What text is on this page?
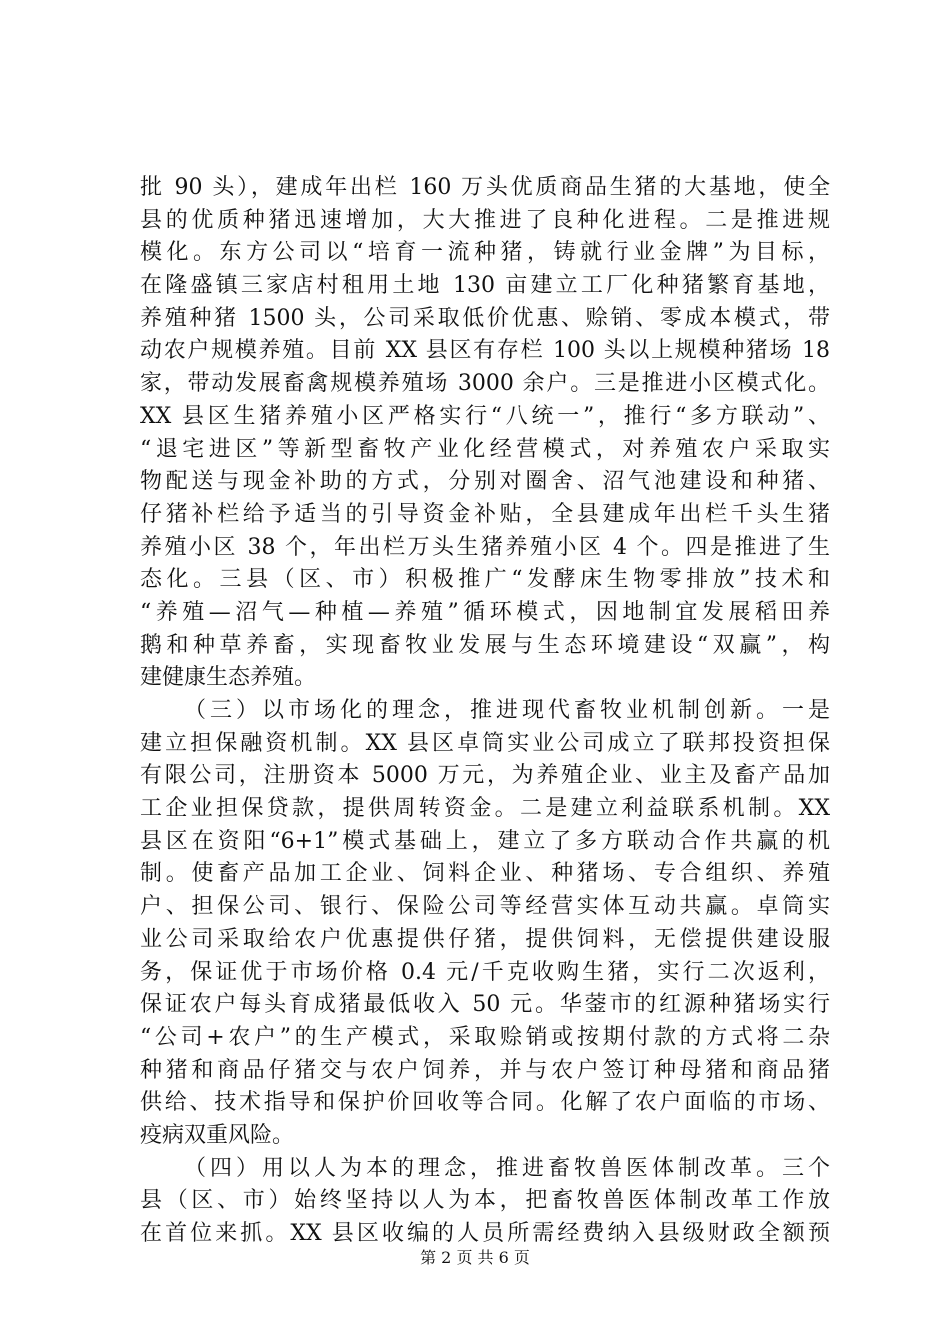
批 90 头），建成年出栏 160 万头优质商品生猪的大基地，使全
县的优质种猪迅速增加，大大推进了良种化进程。二是推进规
模化。东方公司以“培育一流种猪，铸就行业金牌”为目标，
在隆盛镇三家店村租用土地 130 亩建立工厂化种猪繁育基地，
养殖种猪 1500 头，公司采取低价优惠、赊销、零成本模式，带
动农户规模养殖。目前 XX 县区有存栏 100 头以上规模种猪场 18
家，带动发展畜禽规模养殖场 3000 余户。三是推进小区模式化。
XX 县区生猪养殖小区严格实行“八统一”，推行“多方联动”、
“退宅进区”等新型畜牧产业化经营模式，对养殖农户采取实
物配送与现金补助的方式，分别对圈舍、沼气池建设和种猪、
仔猪补栏给予适当的引导资金补贴，全县建成年出栏千头生猪
养殖小区 38 个，年出栏万头生猪养殖小区 4 个。四是推进了生
态化。三县（区、市）积极推广“发酵床生物零排放”技术和
“养殖—沼气—种植—养殖”循环模式，因地制宜发展稻田养
鹅和种草养畜，实现畜牧业发展与生态环境建设“双赢”，构
建健康生态养殖。
（三）以市场化的理念，推进现代畜牧业机制创新。一是
建立担保融资机制。XX 县区卓筒实业公司成立了联邦投资担保
有限公司，注册资本 5000 万元，为养殖企业、业主及畜产品加
工企业担保贷款，提供周转资金。二是建立利益联系机制。XX
县区在资阳“6+1”模式基础上，建立了多方联动合作共赢的机
制。使畜产品加工企业、饲料企业、种猪场、专合组织、养殖
户、担保公司、银行、保险公司等经营实体互动共赢。卓筒实
业公司采取给农户优惠提供仔猪，提供饲料，无偿提供建设服
务，保证优于市场价格 0.4 元/千克收购生猪，实行二次返利，
保证农户每头育成猪最低收入 50 元。华蓥市的红源种猪场实行
“公司+农户”的生产模式，采取赊销或按期付款的方式将二杂
种猪和商品仔猪交与农户饲养，并与农户签订种母猪和商品猪
供给、技术指导和保护价回收等合同。化解了农户面临的市场、
疫病双重风险。
（四）用以人为本的理念，推进畜牧兽医体制改革。三个
县（区、市）始终坚持以人为本，把畜牧兽医体制改革工作放
在首位来抓。XX 县区收编的人员所需经费纳入县级财政全额预
第 2 页 共 6 页
